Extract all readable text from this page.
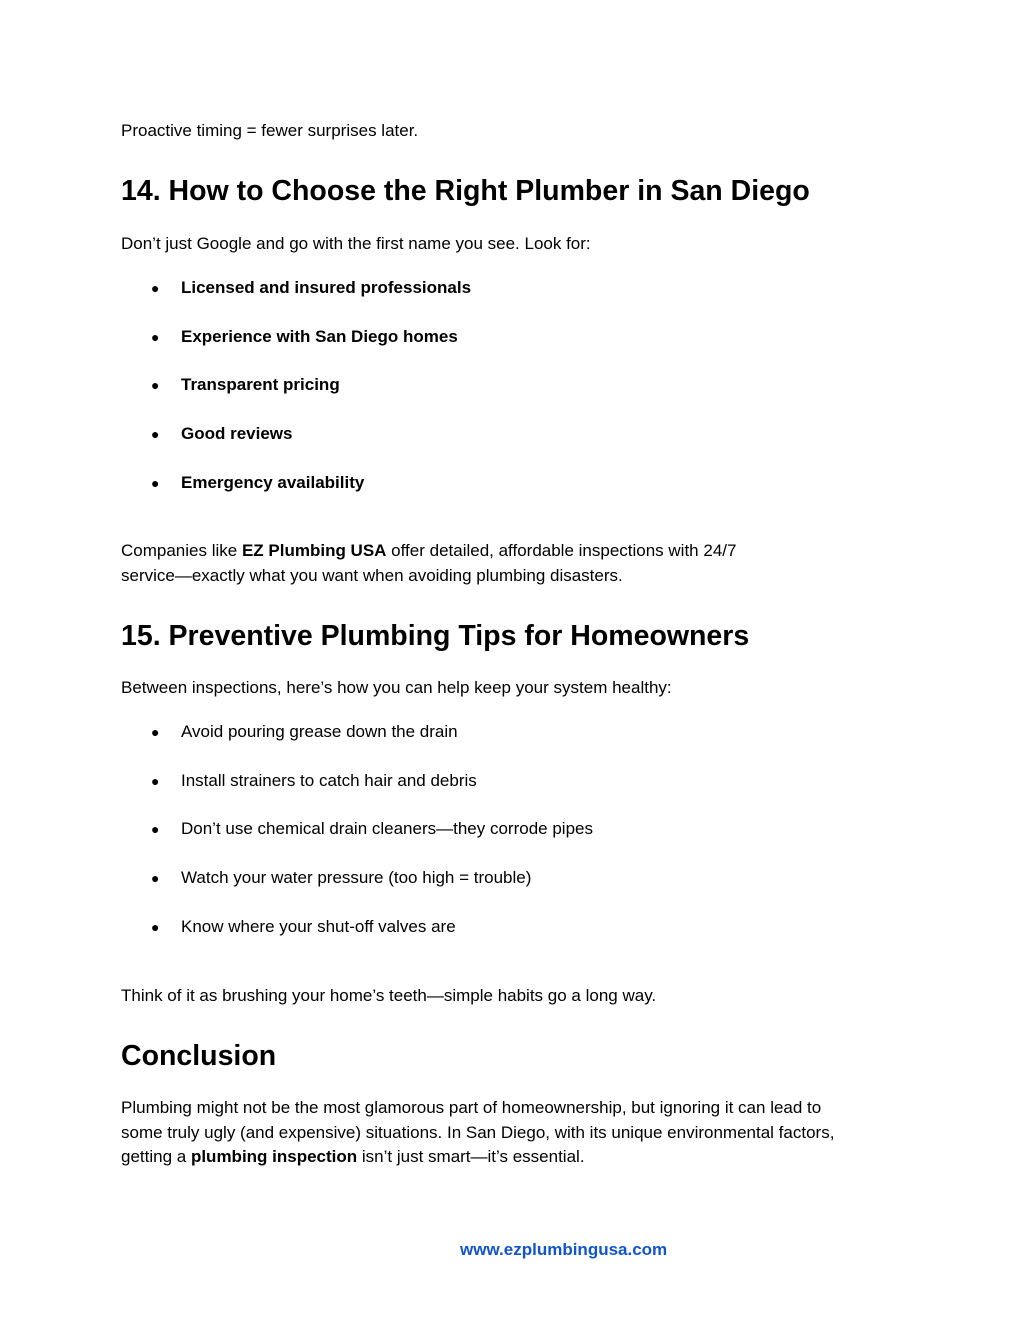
Proactive timing = fewer surprises later.

14. How to Choose the Right Plumber in San Diego

Don’t just Google and go with the first name you see. Look for:

● Licensed and insured professionals
● Experience with San Diego homes
● Transparent pricing
● Good reviews
● Emergency availability

Companies like EZ Plumbing USA offer detailed, affordable inspections with 24/7
service—exactly what you want when avoiding plumbing disasters.

15. Preventive Plumbing Tips for Homeowners

Between inspections, here’s how you can help keep your system healthy:

● Avoid pouring grease down the drain
● Install strainers to catch hair and debris
● Don’t use chemical drain cleaners—they corrode pipes
● Watch your water pressure (too high = trouble)
● Know where your shut-off valves are

Think of it as brushing your home’s teeth—simple habits go a long way.

Conclusion

Plumbing might not be the most glamorous part of homeownership, but ignoring it can lead to
some truly ugly (and expensive) situations. In San Diego, with its unique environmental factors,
getting a plumbing inspection isn’t just smart—it’s essential.

www.ezplumbingusa.com
